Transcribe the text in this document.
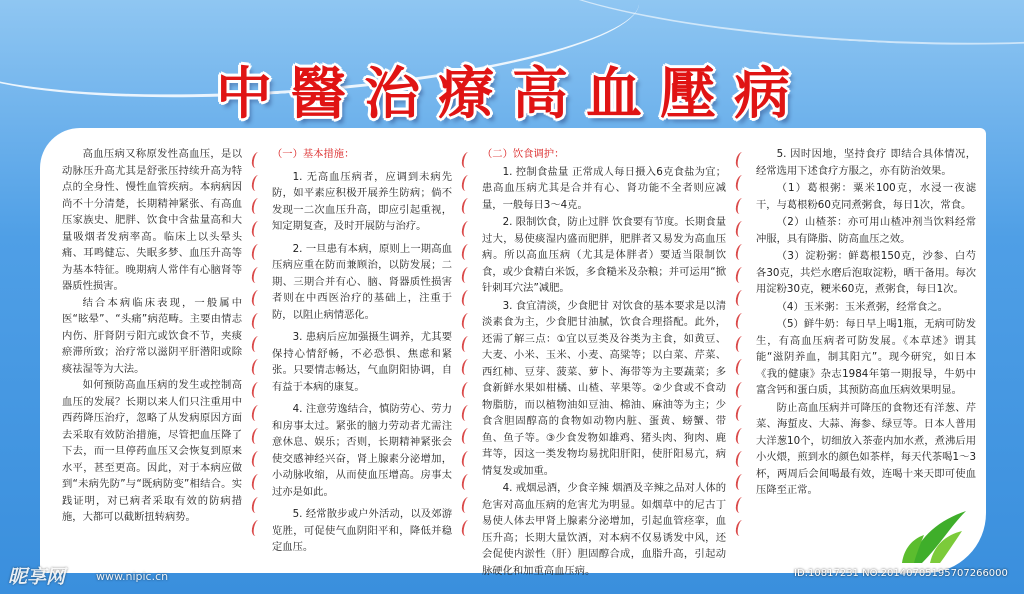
中醫治療高血壓病

高血压病又称原发性高血压，是以动脉压升高尤其是舒张压持续升高为特点的全身性、慢性血管疾病。本病病因尚不十分清楚，长期精神紧张、有高血压家族史、肥胖、饮食中含盐量高和大量吸烟者发病率高。临床上以头晕头痛、耳鸣健忘、失眠多梦、血压升高等为基本特征。晚期病人常伴有心脑肾等器质性损害。

结合本病临床表现，一般属中医“眩晕”、“头痛”病范畴。主要由情志内伤、肝肾阴亏阳亢或饮食不节，夹痰瘀滞所致；治疗常以滋阴平肝潜阳或除痰祛湿等为大法。

如何预防高血压病的发生或控制高血压的发展？长期以来人们只注重用中西药降压治疗，忽略了从发病原因方面去采取有效防治措施，尽管把血压降了下去，而一旦停药血压又会恢复到原来水平，甚至更高。因此，对于本病应做到“未病先防”与“既病防变”相结合。实践证明，对已病者采取有效的防病措施，大都可以截断扭转病势。

（一）基本措施：

1. 无高血压病者，应调到未病先防，如平素应积极开展养生防病；倘不发现一二次血压升高，即应引起重视，知定期复查，及时开展防与治疗。

2. 一旦患有本病，原则上一期高血压病应重在防而兼顾治，以防发展；二期、三期合并有心、脑、肾器质性损害者则在中西医治疗的基础上，注重于防，以阻止病情恶化。

3. 患病后应加强摄生调养，尤其要保持心情舒畅，不必恐惧、焦虑和紧张。只要情志畅达，气血阴阳协调，自有益于本病的康复。

4. 注意劳逸结合，慎防劳心、劳力和房事太过。紧张的脑力劳动者尤需注意休息、娱乐；否则，长期精神紧张会使交感神经兴奋，肾上腺素分泌增加，小动脉收缩，从而使血压增高。房事太过亦是如此。

5. 经常散步或户外活动，以及郊游览胜，可促使气血阴阳平和，降低并稳定血压。

（二）饮食调护：

1. 控制食盐量 正常成人每日摄入6克食盐为宜；患高血压病尤其是合并有心、肾功能不全者则应减量，一般每日3～4克。

2. 限制饮食，防止过胖 饮食要有节度。长期食量过大，易使痰湿内盛而肥胖，肥胖者又易发为高血压病。所以高血压病（尤其是体胖者）要适当限制饮食，或少食精白米饭，多食糙米及杂粮；并可运用“掀针刺耳穴法”减肥。

3. 食宜清淡，少食肥甘 对饮食的基本要求是以清淡素食为主，少食肥甘油腻，饮食合理搭配。此外，还需了解三点：①宜以豆类及谷类为主食，如黄豆、大麦、小米、玉米、小麦、高粱等；以白菜、芹菜、西红柿、豆芽、菠菜、萝卜、海带等为主要蔬菜；多食新鲜水果如柑橘、山楂、苹果等。②少食或不食动物脂肪，而以植物油如豆油、棉油、麻油等为主；少食含胆固醇高的食物如动物内脏、蛋黄、螃蟹、带鱼、鱼子等。③少食发物如雄鸡、猪头肉、狗肉、鹿茸等，因这一类发物均易扰阳肝阳，使肝阳易亢，病情复发或加重。

4. 戒烟忌酒，少食辛辣 烟酒及辛辣之品对人体的危害对高血压病的危害尤为明显。如烟草中的尼古丁易使人体去甲肾上腺素分泌增加，引起血管痉挛，血压升高；长期大量饮酒，对本病不仅易诱发中风，还会促使内淤性（肝）胆固醇合成，血脂升高，引起动脉硬化和加重高血压病。

5. 因时因地，坚持食疗 即结合具体情况，经常选用下述食疗方服之，亦有防治效果。

（1）葛根粥：粟米100克，水浸一夜滤干，与葛根粉60克同煮粥食，每日1次，常食。

（2）山楂茶：亦可用山楂冲剂当饮料经常冲服，具有降脂、防高血压之效。

（3）淀粉粥：鲜葛根150克，沙参、白芍各30克，共烂水磨后泡取淀粉，晒干备用。每次用淀粉30克，粳米60克，煮粥食，每日1次。

（4）玉米粥：玉米煮粥，经常食之。

（5）鲜牛奶：每日早上喝1瓶，无病可防发生，有高血压病者可防发展。《本草述》谓其能“滋阴养血，制其阳亢”。现今研究，如日本《我的健康》杂志1984年第一期报导，牛奶中富含钙和蛋白质，其预防高血压病效果明显。

防止高血压病并可降压的食物还有洋葱、芹菜、海蜇皮、大蒜、海参、绿豆等。日本人普用大洋葱10个，切细放入茶壶内加水煮，煮沸后用小火煨，煎到水的颜色如茶样，每天代茶喝1～3杯，两周后会间喝最有效，连喝十来天即可使血压降至正常。

昵享网	www.nipic.cn	ID:10817231 NO:20140705195707266000
